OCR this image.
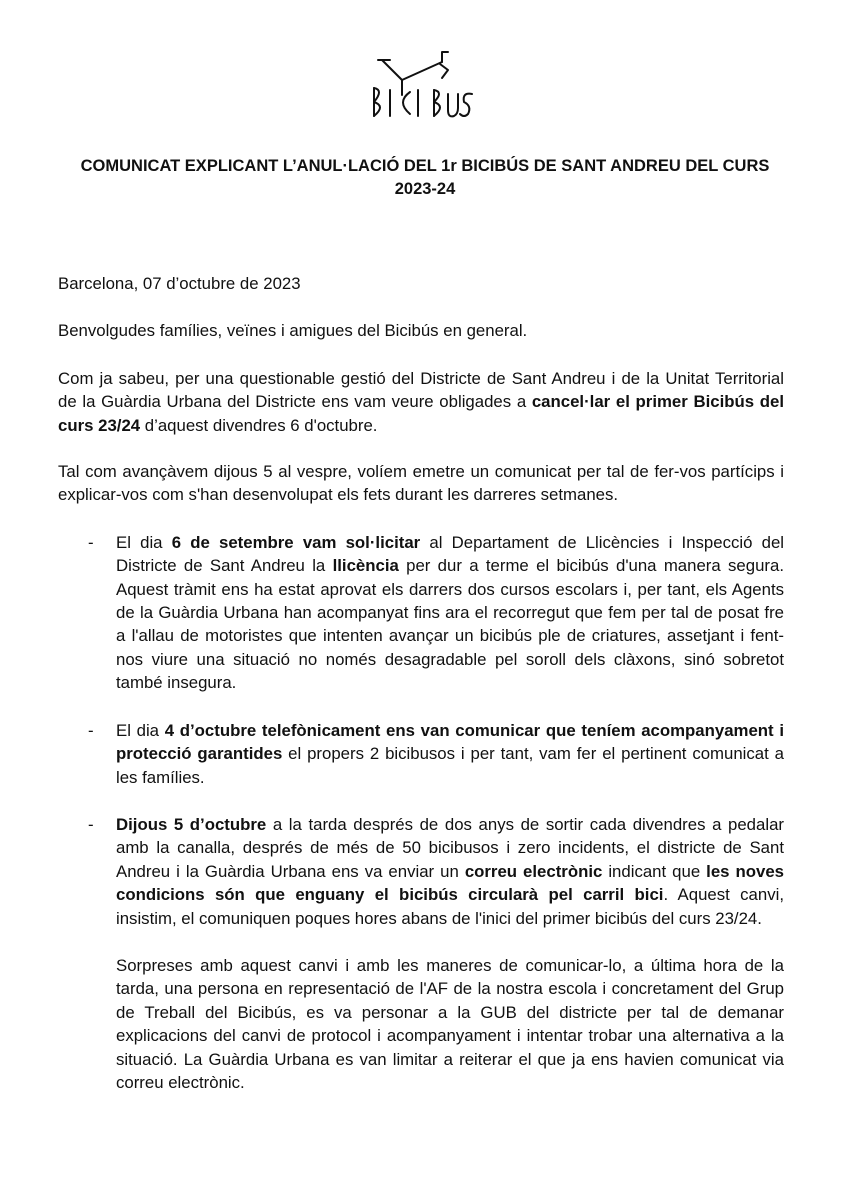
COMUNICAT EXPLICANT L’ANUL·LACIÓ DEL 1r BICIBÚS DE SANT ANDREU DEL CURS 2023-24

Barcelona, 07 d’octubre de 2023

Benvolgudes famílies, veïnes i amigues del Bicibús en general.

Com ja sabeu, per una questionable gestió del Districte de Sant Andreu i de la Unitat Territorial de la Guàrdia Urbana del Districte ens vam veure obligades a cancel·lar el primer Bicibús del curs 23/24 d’aquest divendres 6 d'octubre.

Tal com avançàvem dijous 5 al vespre, volíem emetre un comunicat per tal de fer-vos partícips i explicar-vos com s'han desenvolupat els fets durant les darreres setmanes.

- El dia 6 de setembre vam sol·licitar al Departament de Llicències i Inspecció del Districte de Sant Andreu la llicència per dur a terme el bicibús d'una manera segura. Aquest tràmit ens ha estat aprovat els darrers dos cursos escolars i, per tant, els Agents de la Guàrdia Urbana han acompanyat fins ara el recorregut que fem per tal de posat fre a l'allau de motoristes que intenten avançar un bicibús ple de criatures, assetjant i fent-nos viure una situació no només desagradable pel soroll dels clàxons, sinó sobretot també insegura.
- El dia 4 d’octubre telefònicament ens van comunicar que teníem acompanyament i protecció garantides el propers 2 bicibusos i per tant, vam fer el pertinent comunicat a les famílies.
- Dijous 5 d’octubre a la tarda després de dos anys de sortir cada divendres a pedalar amb la canalla, després de més de 50 bicibusos i zero incidents, el districte de Sant Andreu i la Guàrdia Urbana ens va enviar un correu electrònic indicant que les noves condicions són que enguany el bicibús circularà pel carril bici. Aquest canvi, insistim, el comuniquen poques hores abans de l'inici del primer bicibús del curs 23/24.

Sorpreses amb aquest canvi i amb les maneres de comunicar-lo, a última hora de la tarda, una persona en representació de l'AF de la nostra escola i concretament del Grup de Treball del Bicibús, es va personar a la GUB del districte per tal de demanar explicacions del canvi de protocol i acompanyament i intentar trobar una alternativa a la situació. La Guàrdia Urbana es van limitar a reiterar el que ja ens havien comunicat via correu electrònic.
